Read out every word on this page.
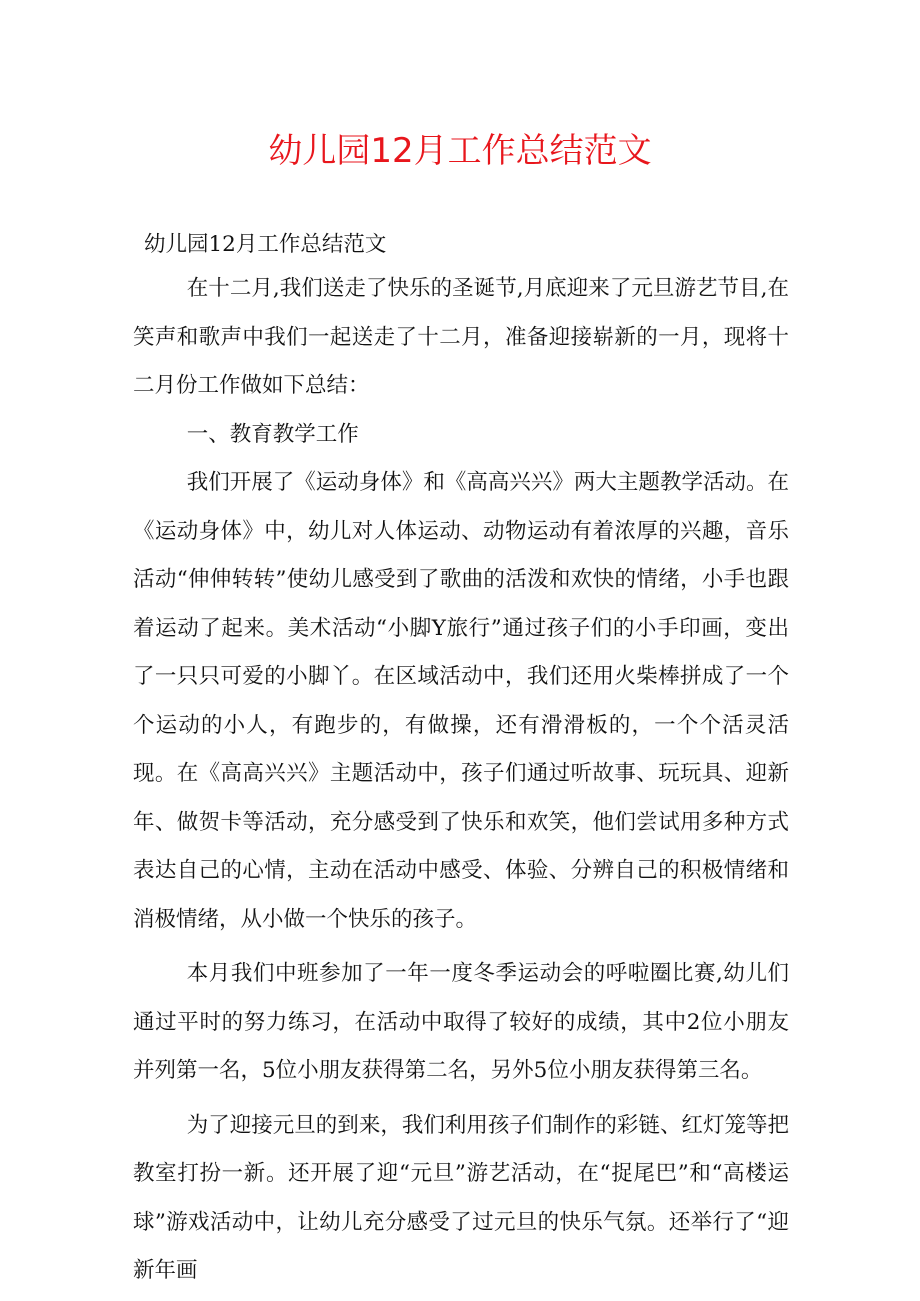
幼儿园12月工作总结范文

幼儿园12月工作总结范文

在十二月,我们送走了快乐的圣诞节,月底迎来了元旦游艺节目,在笑声和歌声中我们一起送走了十二月，准备迎接崭新的一月，现将十二月份工作做如下总结：

一、教育教学工作

我们开展了《运动身体》和《高高兴兴》两大主题教学活动。在《运动身体》中，幼儿对人体运动、动物运动有着浓厚的兴趣，音乐活动“伸伸转转”使幼儿感受到了歌曲的活泼和欢快的情绪，小手也跟着运动了起来。美术活动“小脚Y旅行”通过孩子们的小手印画，变出了一只只可爱的小脚丫。在区域活动中，我们还用火柴棒拼成了一个个运动的小人，有跑步的，有做操，还有滑滑板的，一个个活灵活现。在《高高兴兴》主题活动中，孩子们通过听故事、玩玩具、迎新年、做贺卡等活动，充分感受到了快乐和欢笑，他们尝试用多种方式表达自己的心情，主动在活动中感受、体验、分辨自己的积极情绪和消极情绪，从小做一个快乐的孩子。

本月我们中班参加了一年一度冬季运动会的呼啦圈比赛,幼儿们通过平时的努力练习，在活动中取得了较好的成绩，其中2位小朋友并列第一名，5位小朋友获得第二名，另外5位小朋友获得第三名。

为了迎接元旦的到来，我们利用孩子们制作的彩链、红灯笼等把教室打扮一新。还开展了迎“元旦”游艺活动，在“捉尾巴”和“高楼运球”游戏活动中，让幼儿充分感受了过元旦的快乐气氛。还举行了“迎新年画
